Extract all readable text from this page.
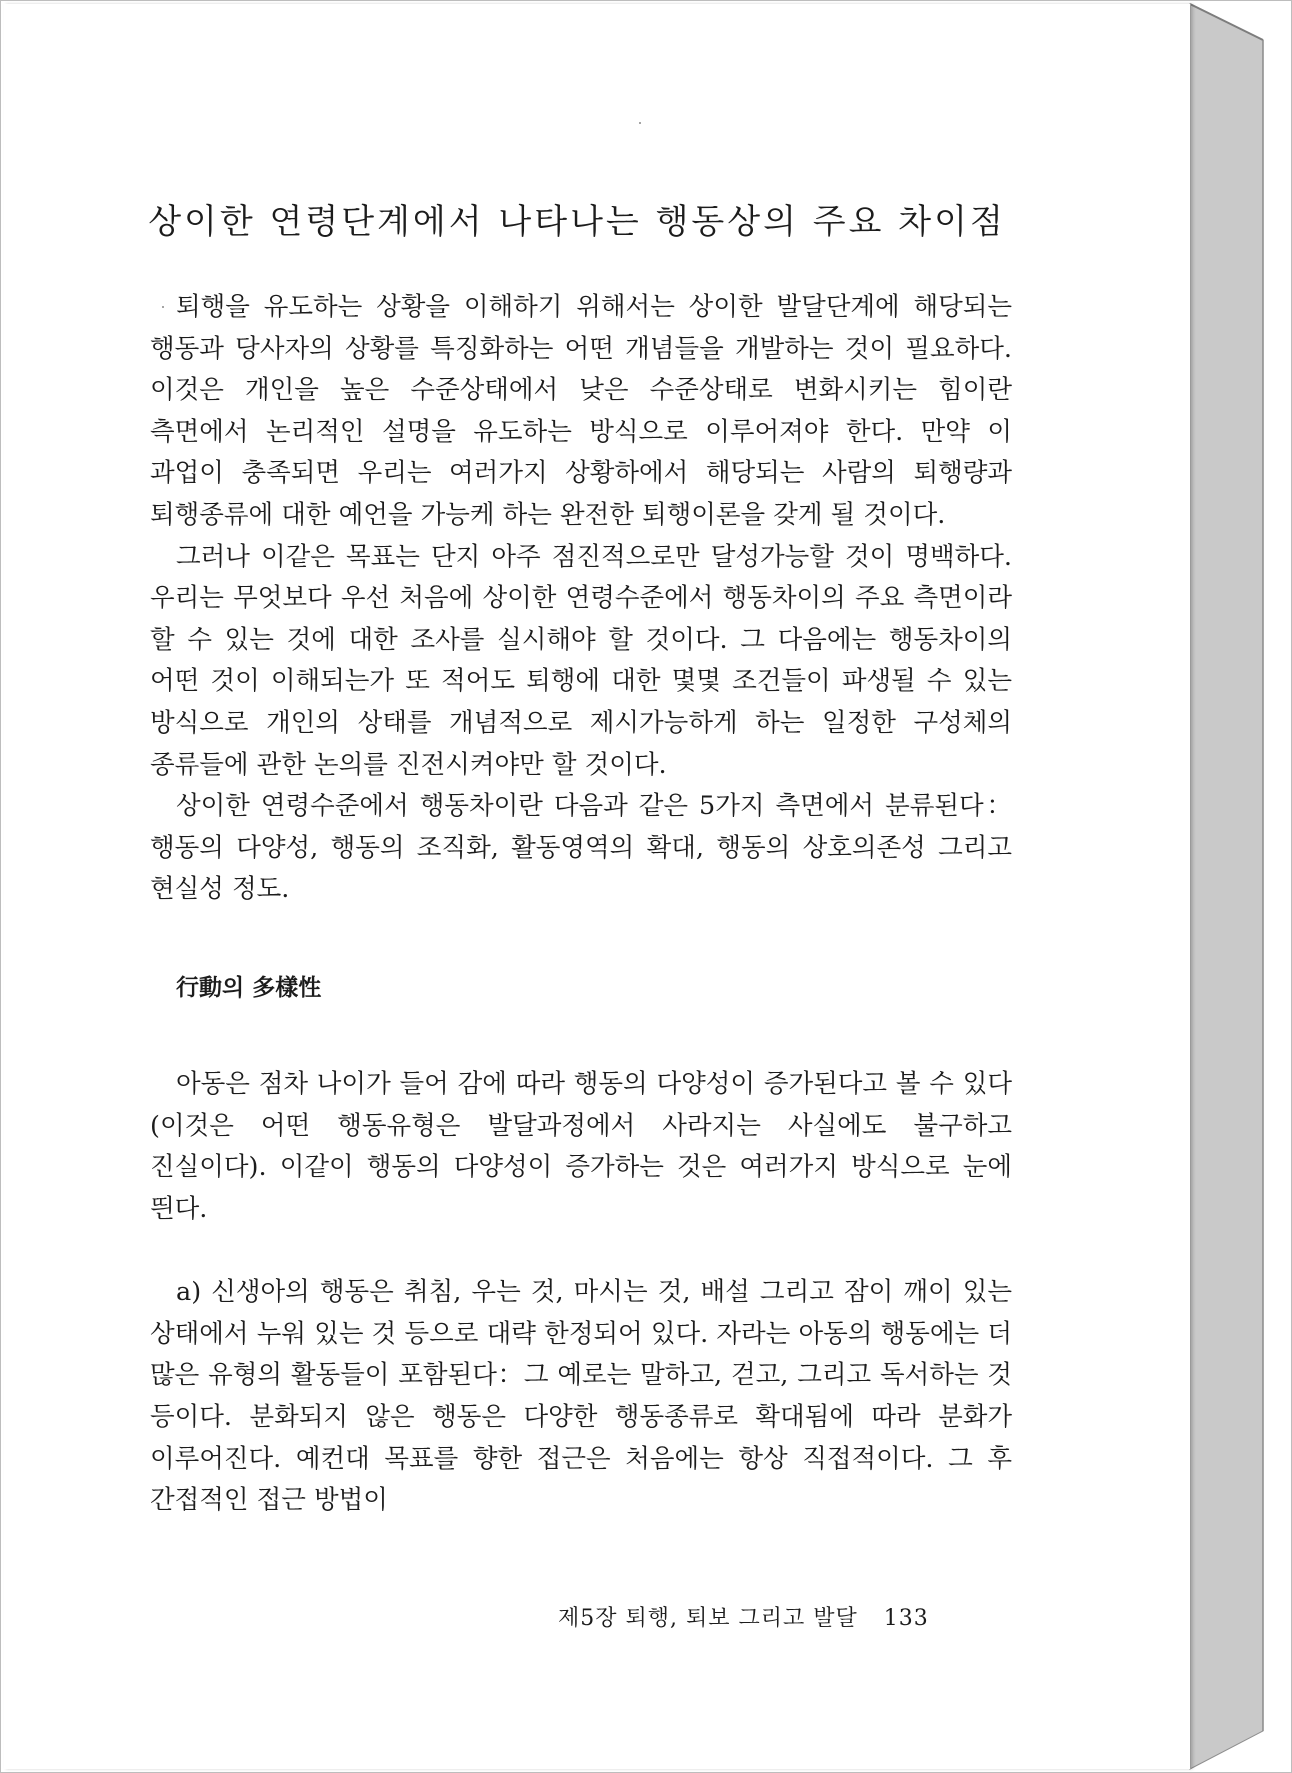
상이한 연령단계에서 나타나는 행동상의 주요 차이점

퇴행을 유도하는 상황을 이해하기 위해서는 상이한 발달단계에 해당되는 행동과 당사자의 상황를 특징화하는 어떤 개념들을 개발하는 것이 필요하다. 이것은 개인을 높은 수준상태에서 낮은 수준상태로 변화시키는 힘이란 측면에서 논리적인 설명을 유도하는 방식으로 이루어져야 한다. 만약 이 과업이 충족되면 우리는 여러가지 상황하에서 해당되는 사람의 퇴행량과 퇴행종류에 대한 예언을 가능케 하는 완전한 퇴행이론을 갖게 될 것이다.

그러나 이같은 목표는 단지 아주 점진적으로만 달성가능할 것이 명백하다. 우리는 무엇보다 우선 처음에 상이한 연령수준에서 행동차이의 주요 측면이라 할 수 있는 것에 대한 조사를 실시해야 할 것이다. 그 다음에는 행동차이의 어떤 것이 이해되는가 또 적어도 퇴행에 대한 몇몇 조건들이 파생될 수 있는 방식으로 개인의 상태를 개념적으로 제시가능하게 하는 일정한 구성체의 종류들에 관한 논의를 진전시켜야만 할 것이다.

상이한 연령수준에서 행동차이란 다음과 같은 5가지 측면에서 분류된다：행동의 다양성, 행동의 조직화, 활동영역의 확대, 행동의 상호의존성 그리고 현실성 정도.

行動의 多樣性

아동은 점차 나이가 들어 감에 따라 행동의 다양성이 증가된다고 볼 수 있다(이것은 어떤 행동유형은 발달과정에서 사라지는 사실에도 불구하고 진실이다). 이같이 행동의 다양성이 증가하는 것은 여러가지 방식으로 눈에 띈다.

a) 신생아의 행동은 취침, 우는 것, 마시는 것, 배설 그리고 잠이 깨이 있는 상태에서 누워 있는 것 등으로 대략 한정되어 있다. 자라는 아동의 행동에는 더 많은 유형의 활동들이 포함된다：그 예로는 말하고, 걷고, 그리고 독서하는 것 등이다. 분화되지 않은 행동은 다양한 행동종류로 확대됨에 따라 분화가 이루어진다. 예컨대 목표를 향한 접근은 처음에는 항상 직접적이다. 그 후 간접적인 접근 방법이

제5장 퇴행, 퇴보 그리고 발달 133
